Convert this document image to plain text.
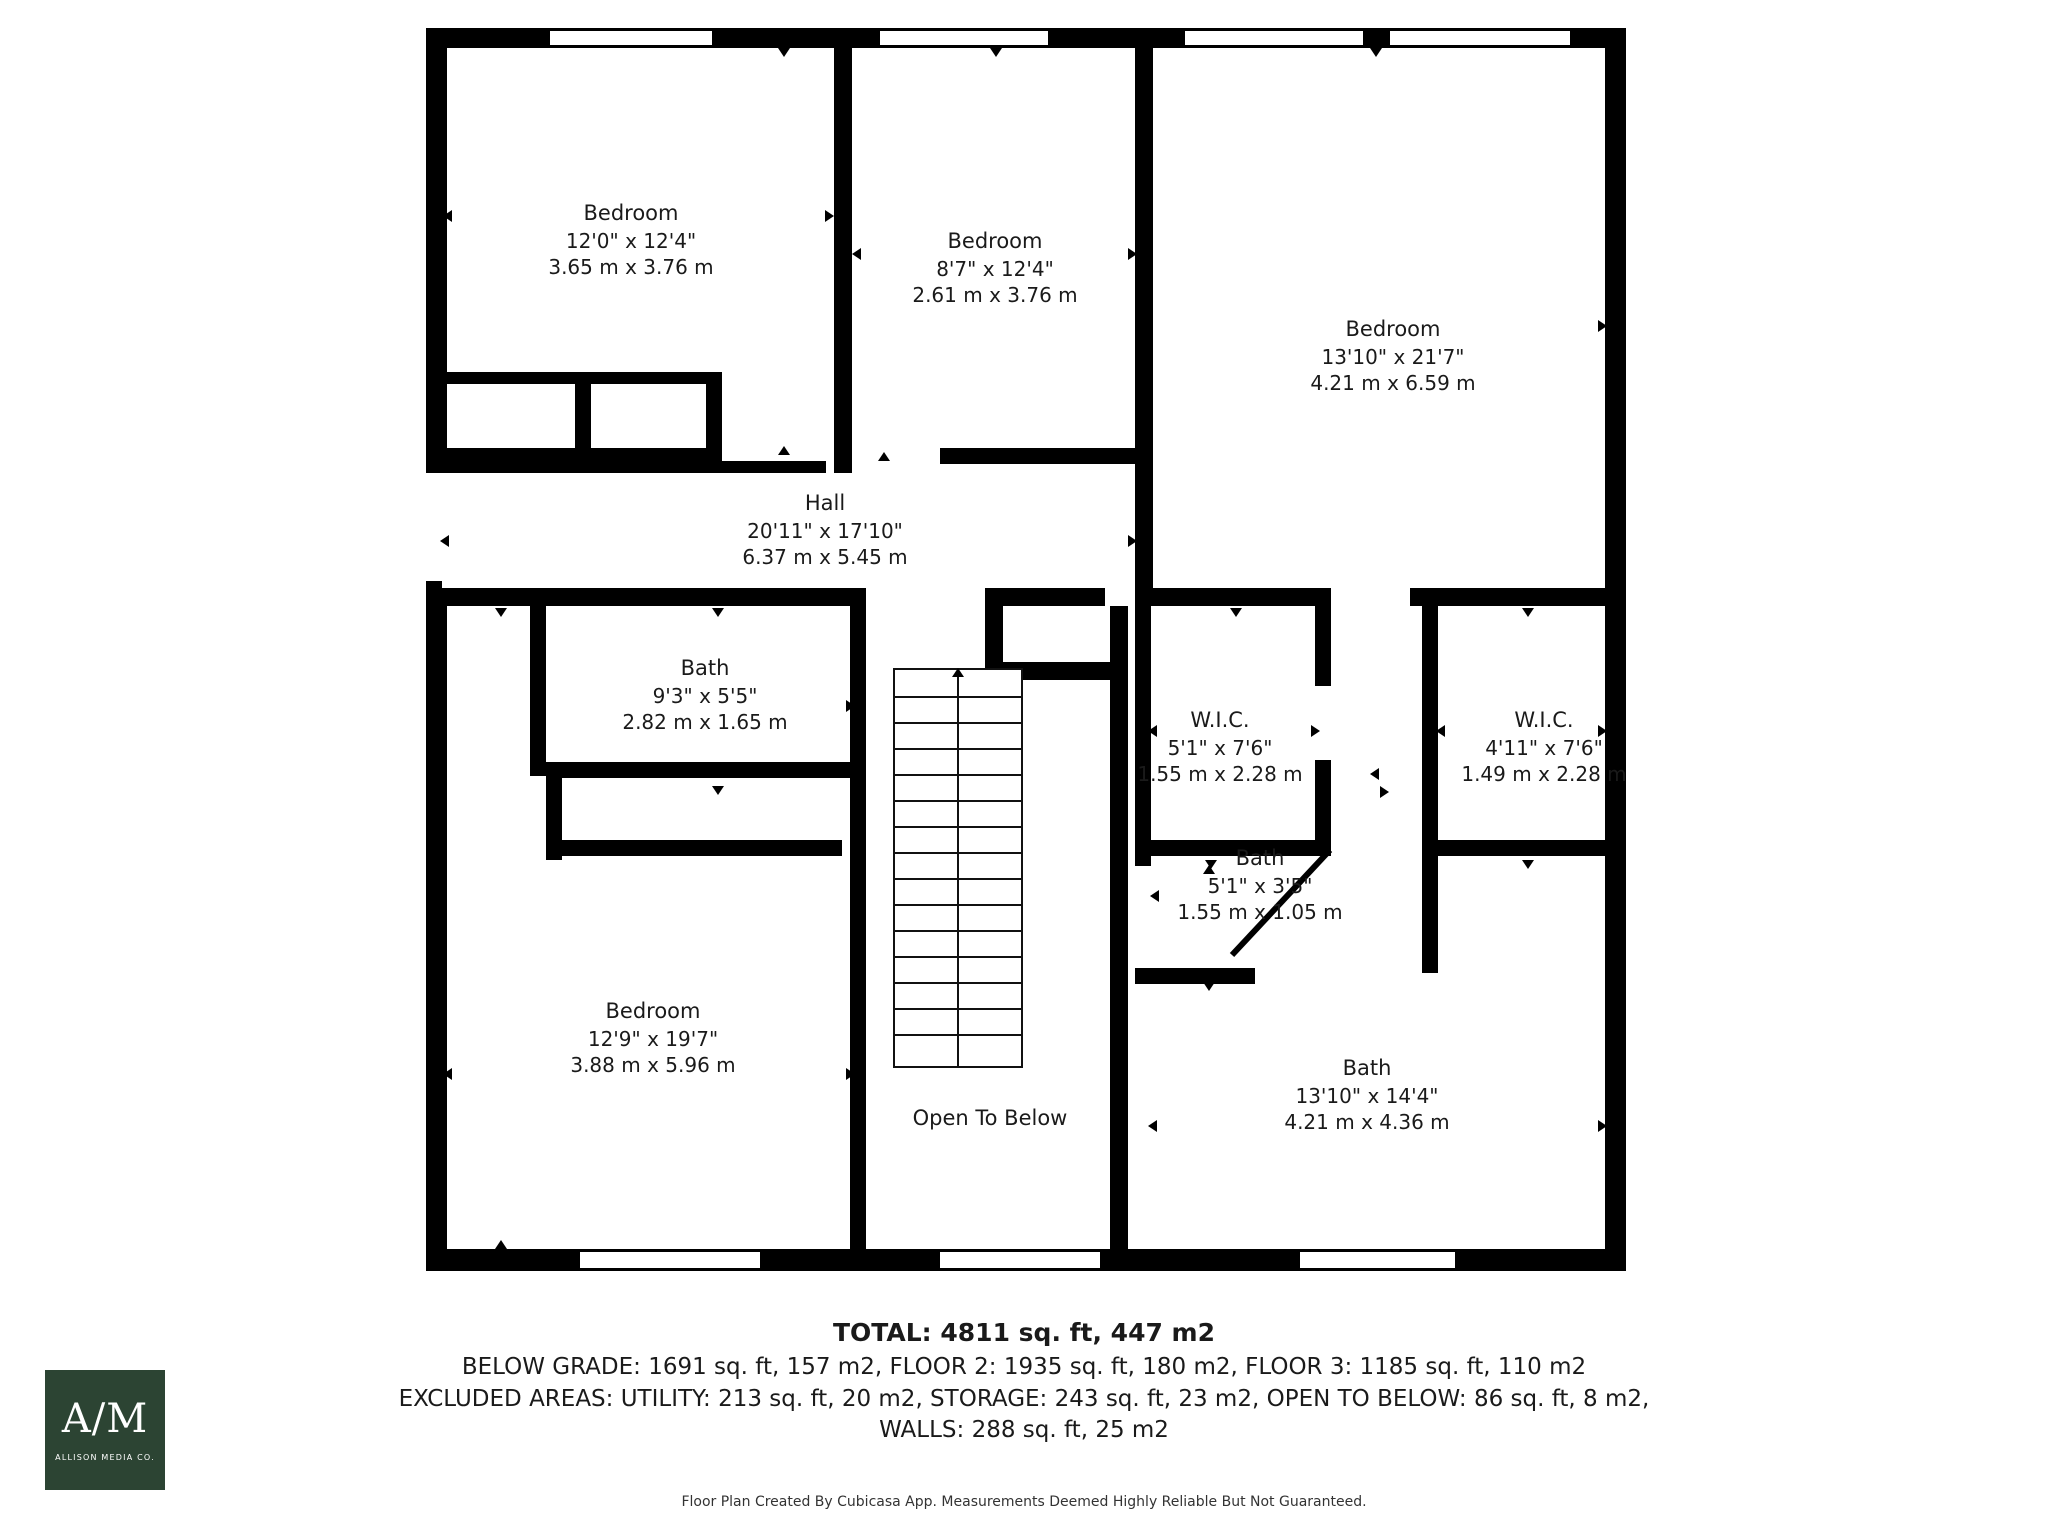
Bedroom
12'0" x 12'4"
3.65 m x 3.76 m
Bedroom
8'7" x 12'4"
2.61 m x 3.76 m
Bedroom
13'10" x 21'7"
4.21 m x 6.59 m
Hall
20'11" x 17'10"
6.37 m x 5.45 m
Bath
9'3" x 5'5"
2.82 m x 1.65 m	W.I.C.
5'1" x 7'6"
1.55 m x 2.28 m
W.I.C.
4'11" x 7'6"
1.49 m x 2.28 m
Bath
5'1" x 3'5"
1.55 m x 1.05 m
Bedroom
12'9" x 19'7"
3.88 m x 5.96 m	Bath
13'10" x 14'4"
4.21 m x 4.36 m
Open To Below
TOTAL: 4811 sq. ft, 447 m2
BELOW GRADE: 1691 sq. ft, 157 m2, FLOOR 2: 1935 sq. ft, 180 m2, FLOOR 3: 1185 sq. ft, 110 m2
EXCLUDED AREAS: UTILITY: 213 sq. ft, 20 m2, STORAGE: 243 sq. ft, 23 m2, OPEN TO BELOW: 86 sq. ft, 8 m2,
WALLS: 288 sq. ft, 25 m2
Floor Plan Created By Cubicasa App. Measurements Deemed Highly Reliable But Not Guaranteed.
A/M
ALLISON MEDIA CO.
